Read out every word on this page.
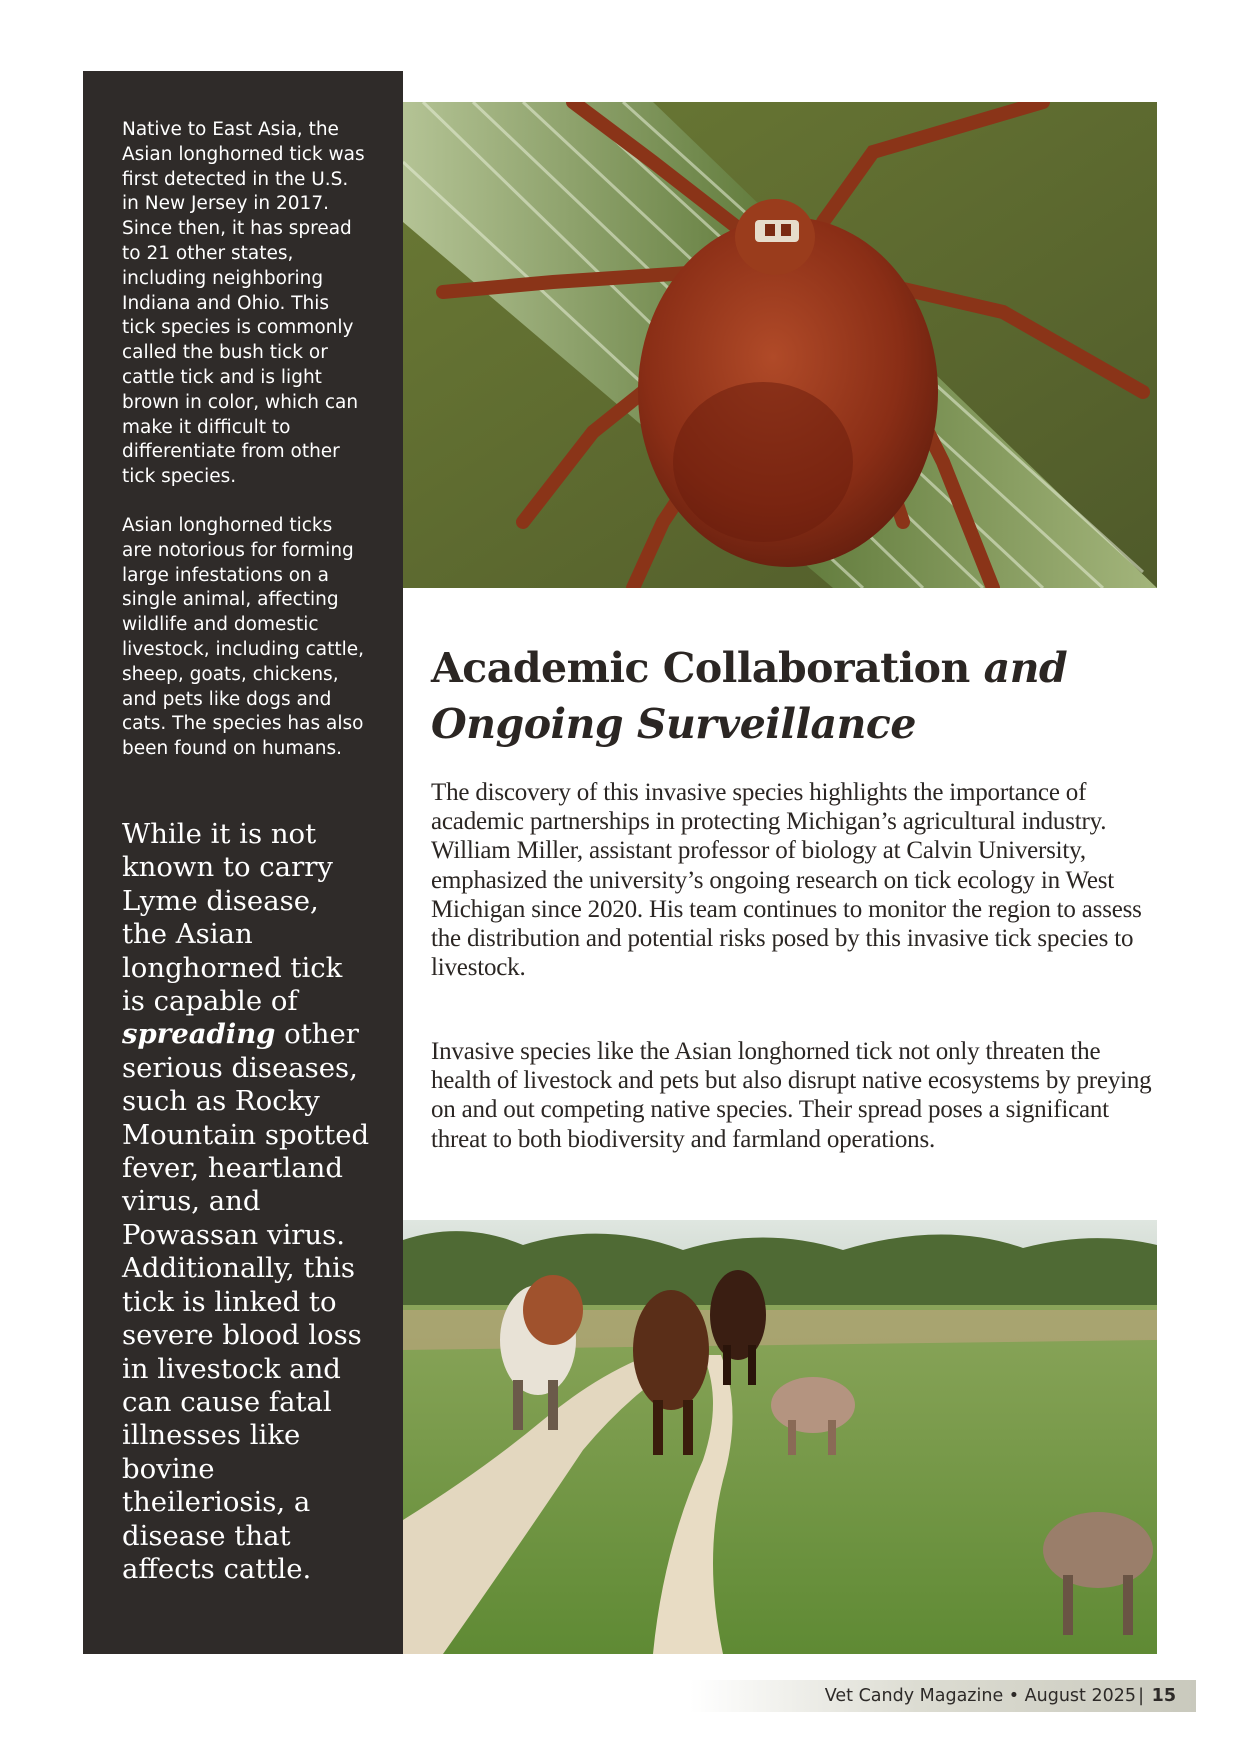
Native to East Asia, the Asian longhorned tick was first detected in the U.S. in New Jersey in 2017. Since then, it has spread to 21 other states, including neighboring Indiana and Ohio. This tick species is commonly called the bush tick or cattle tick and is light brown in color, which can make it difficult to differentiate from other tick species.

Asian longhorned ticks are notorious for forming large infestations on a single animal, affecting wildlife and domestic livestock, including cattle, sheep, goats, chickens, and pets like dogs and cats. The species has also been found on humans.

While it is not known to carry Lyme disease, the Asian longhorned tick is capable of spreading other serious diseases, such as Rocky Mountain spotted fever, heartland virus, and Powassan virus. Additionally, this tick is linked to severe blood loss in livestock and can cause fatal illnesses like bovine theileriosis, a disease that affects cattle.

Academic Collaboration and Ongoing Surveillance

The discovery of this invasive species highlights the importance of academic partnerships in protecting Michigan’s agricultural industry. William Miller, assistant professor of biology at Calvin University, emphasized the university’s ongoing research on tick ecology in West Michigan since 2020. His team continues to monitor the region to assess the distribution and potential risks posed by this invasive tick species to livestock.

Invasive species like the Asian longhorned tick not only threaten the health of livestock and pets but also disrupt native ecosystems by preying on and out competing native species. Their spread poses a significant threat to both biodiversity and farmland operations.

Vet Candy Magazine • August 2025 | 15
